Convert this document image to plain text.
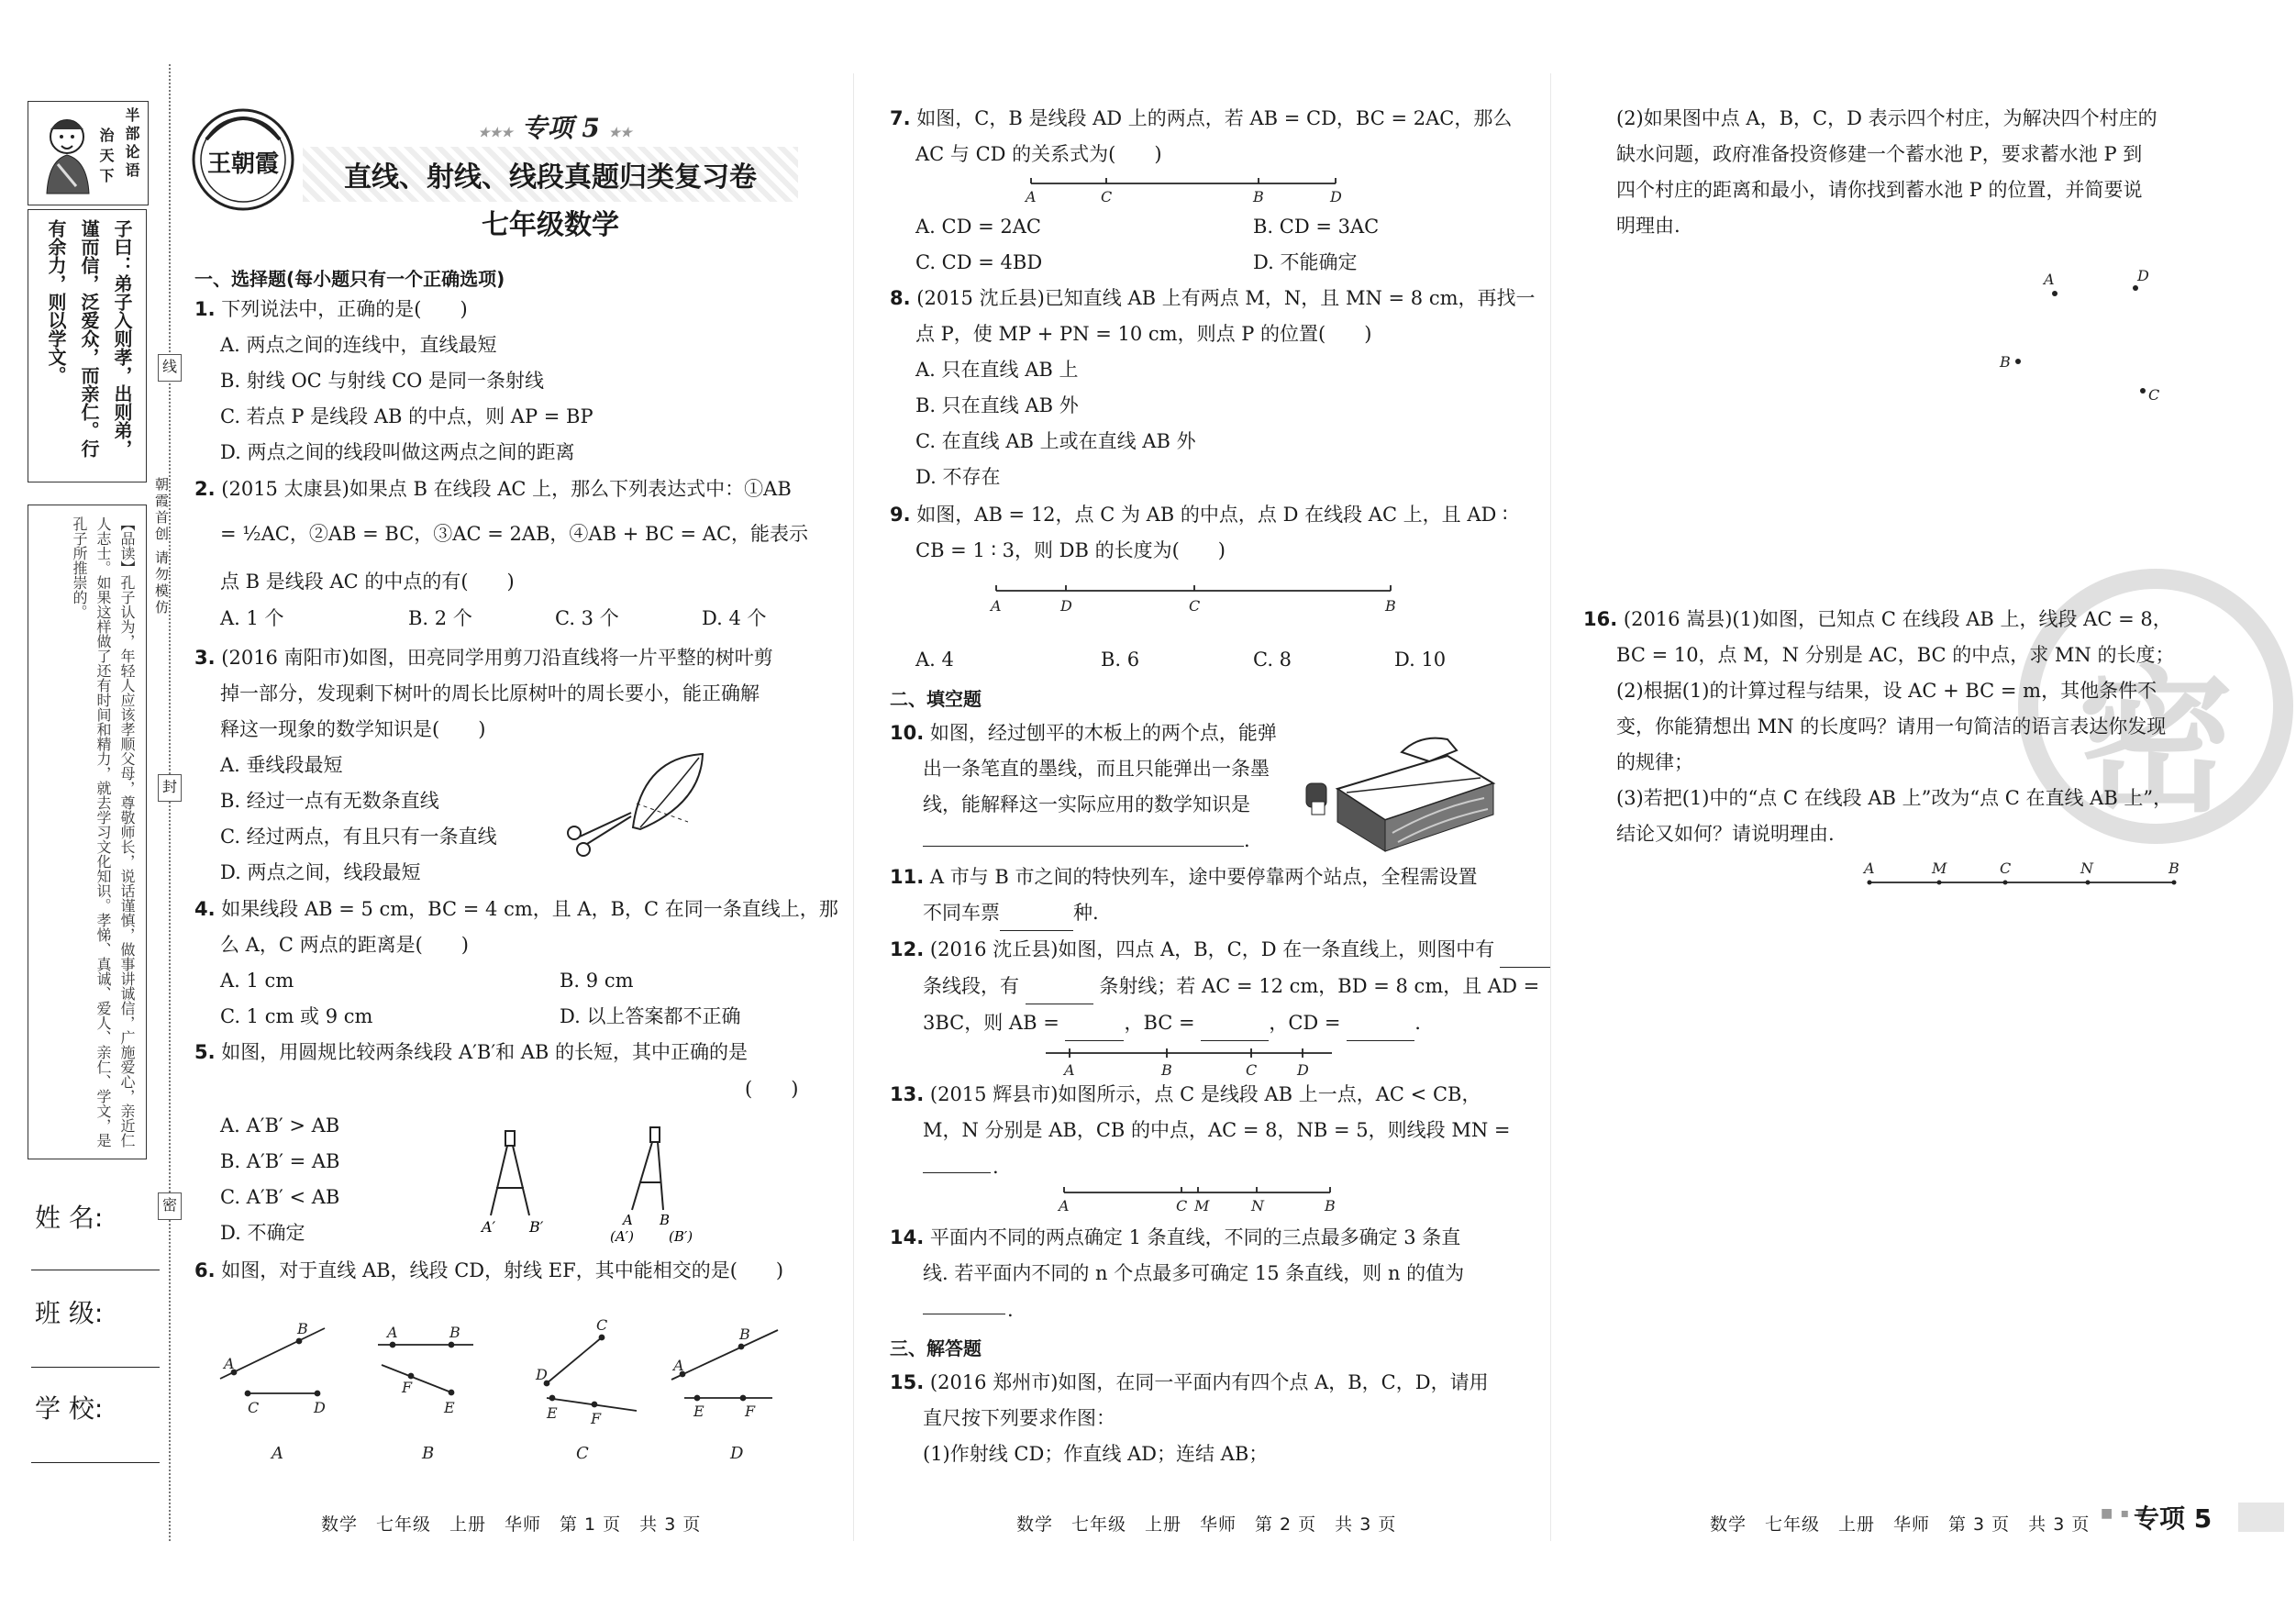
半部论语
治天下
子曰：弟子入则孝，出则弟，谨而信，泛爱众，而亲仁。行有余力，则以学文。
【品读】孔子认为，年轻人应该孝顺父母，尊敬师长，说话谨慎，做事讲诚信，广施爱心，亲近仁人志士。如果这样做了还有时间和精力，就去学习文化知识。孝悌、真诚、爱人、亲仁、学文，是孔子所推崇的。
线
封
密
朝霞首创 请勿模仿
姓 名:
班 级:
学 校:
王朝霞
★★★ 专项 5 ★★
直线、射线、线段真题归类复习卷
七年级数学
一、选择题(每小题只有一个正确选项)
1. 下列说法中，正确的是(　　)
A. 两点之间的连线中，直线最短
B. 射线 OC 与射线 CO 是同一条射线
C. 若点 P 是线段 AB 的中点，则 AP = BP
D. 两点之间的线段叫做这两点之间的距离
2. (2015 太康县)如果点 B 在线段 AC 上，那么下列表达式中：①AB
= ½AC，②AB = BC，③AC = 2AB，④AB + BC = AC，能表示
点 B 是线段 AC 的中点的有(　　)
A. 1 个	B. 2 个	C. 3 个	D. 4 个
3. (2016 南阳市)如图，田亮同学用剪刀沿直线将一片平整的树叶剪
掉一部分，发现剩下树叶的周长比原树叶的周长要小，能正确解
释这一现象的数学知识是(　　)
A. 垂线段最短
B. 经过一点有无数条直线
C. 经过两点，有且只有一条直线
D. 两点之间，线段最短
4. 如果线段 AB = 5 cm，BC = 4 cm，且 A，B，C 在同一条直线上，那
么 A，C 两点的距离是(　　)
A. 1 cm	B. 9 cm
C. 1 cm 或 9 cm	D. 以上答案都不正确
5. 如图，用圆规比较两条线段 A′B′和 AB 的长短，其中正确的是
(　　)
A. A′B′ > AB
B. A′B′ = AB
C. A′B′ < AB
D. 不确定	A′ B′	A B
(A′)	(B′)
6. 如图，对于直线 AB，线段 CD，射线 EF，其中能相交的是(　　)
A
B
C	D
A	B
F
E
D
C
E F
A
B
E	F
A	B	C	D
数学　七年级　上册　华师　第 1 页　共 3 页
7. 如图，C，B 是线段 AD 上的两点，若 AB = CD，BC = 2AC，那么
AC 与 CD 的关系式为(　　)
A	C	B	D
A. CD = 2AC	B. CD = 3AC
C. CD = 4BD	D. 不能确定
8. (2015 沈丘县)已知直线 AB 上有两点 M，N，且 MN = 8 cm，再找一
点 P，使 MP + PN = 10 cm，则点 P 的位置(　　)
A. 只在直线 AB 上
B. 只在直线 AB 外
C. 在直线 AB 上或在直线 AB 外
D. 不存在
9. 如图，AB = 12，点 C 为 AB 的中点，点 D 在线段 AC 上，且 AD ∶
CB = 1 ∶ 3，则 DB 的长度为(　　)
A	D	C	B
A. 4	B. 6	C. 8	D. 10
二、填空题
10. 如图，经过刨平的木板上的两个点，能弹
出一条笔直的墨线，而且只能弹出一条墨
线，能解释这一实际应用的数学知识是
.
11. A 市与 B 市之间的特快列车，途中要停靠两个站点，全程需设置
不同车票	种.
12. (2016 沈丘县)如图，四点 A，B，C，D 在一条直线上，则图中有
条线段，有	条射线；若 AC = 12 cm，BD = 8 cm，且 AD =
3BC，则 AB =	，BC =	，CD =	.
A	B	C	D
13. (2015 辉县市)如图所示，点 C 是线段 AB 上一点，AC < CB，
M，N 分别是 AB，CB 的中点，AC = 8，NB = 5，则线段 MN =
.
A	C M	N	B
14. 平面内不同的两点确定 1 条直线，不同的三点最多确定 3 条直
线. 若平面内不同的 n 个点最多可确定 15 条直线，则 n 的值为
.
三、解答题
15. (2016 郑州市)如图，在同一平面内有四个点 A，B，C，D，请用
直尺按下列要求作图：
(1)作射线 CD；作直线 AD；连结 AB；
数学　七年级　上册　华师　第 2 页　共 3 页
密
(2)如果图中点 A，B，C，D 表示四个村庄，为解决四个村庄的
缺水问题，政府准备投资修建一个蓄水池 P，要求蓄水池 P 到
四个村庄的距离和最小，请你找到蓄水池 P 的位置，并简要说
明理由.
A	D
B
C
16. (2016 嵩县)(1)如图，已知点 C 在线段 AB 上，线段 AC = 8，
BC = 10，点 M，N 分别是 AC，BC 的中点，求 MN 的长度；
(2)根据(1)的计算过程与结果，设 AC + BC = m，其他条件不
变，你能猜想出 MN 的长度吗？请用一句简洁的语言表达你发现
的规律；
(3)若把(1)中的“点 C 在线段 AB 上”改为“点 C 在直线 AB 上”，
结论又如何？请说明理由.
A	M	C	N	B
数学　七年级　上册　华师　第 3 页　共 3 页
■ ▪ ▪
专项 5
